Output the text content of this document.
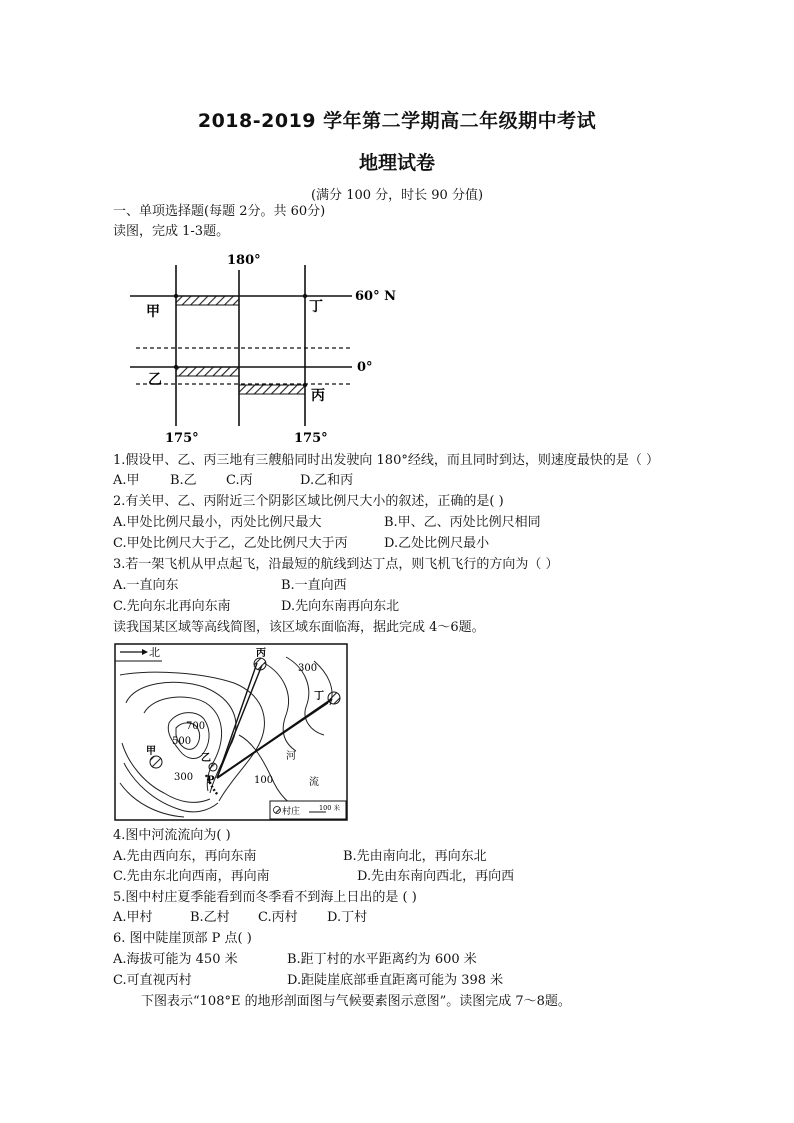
2018-2019 学年第二学期高二年级期中考试
地理试卷
(满分 100 分，时长 90 分值)
一、单项选择题(每题 2分。共 60分)
读图，完成 1-3题。
180°
60° N
0°
175°	175°
甲
乙
丙
丁
1.假设甲、乙、丙三地有三艘船同时出发驶向 180°经线，而且同时到达，则速度最快的是（ ）
A.甲 B.乙 C.丙	D.乙和丙
2.有关甲、乙、丙附近三个阴影区域比例尺大小的叙述，正确的是( )
A.甲处比例尺最小，丙处比例尺最大	B.甲、乙、丙处比例尺相同
C.甲处比例尺大于乙，乙处比例尺大于丙	D.乙处比例尺最小
3.若一架飞机从甲点起飞，沿最短的航线到达丁点，则飞机飞行的方向为（ ）
A.一直向东	B.一直向西
C.先向东北再向东南	D.先向东南再向东北
读我国某区域等高线简图，该区域东面临海，据此完成 4～6题。
北	丙
丁
甲
乙
P
300
700
500
300	100
河
流
村庄	100 米
4.图中河流流向为( )
A.先由西向东，再向东南	B.先由南向北，再向东北
C.先由东北向西南，再向南	D.先由东南向西北，再向西
5.图中村庄夏季能看到而冬季看不到海上日出的是 ( )
A.甲村	B.乙村 C.丙村 D.丁村
6. 图中陡崖顶部 P 点( )
A.海拔可能为 450 米	B.距丁村的水平距离约为 600 米
C.可直视丙村	D.距陡崖底部垂直距离可能为 398 米
下图表示“108°E 的地形剖面图与气候要素图示意图”。读图完成 7～8题。
